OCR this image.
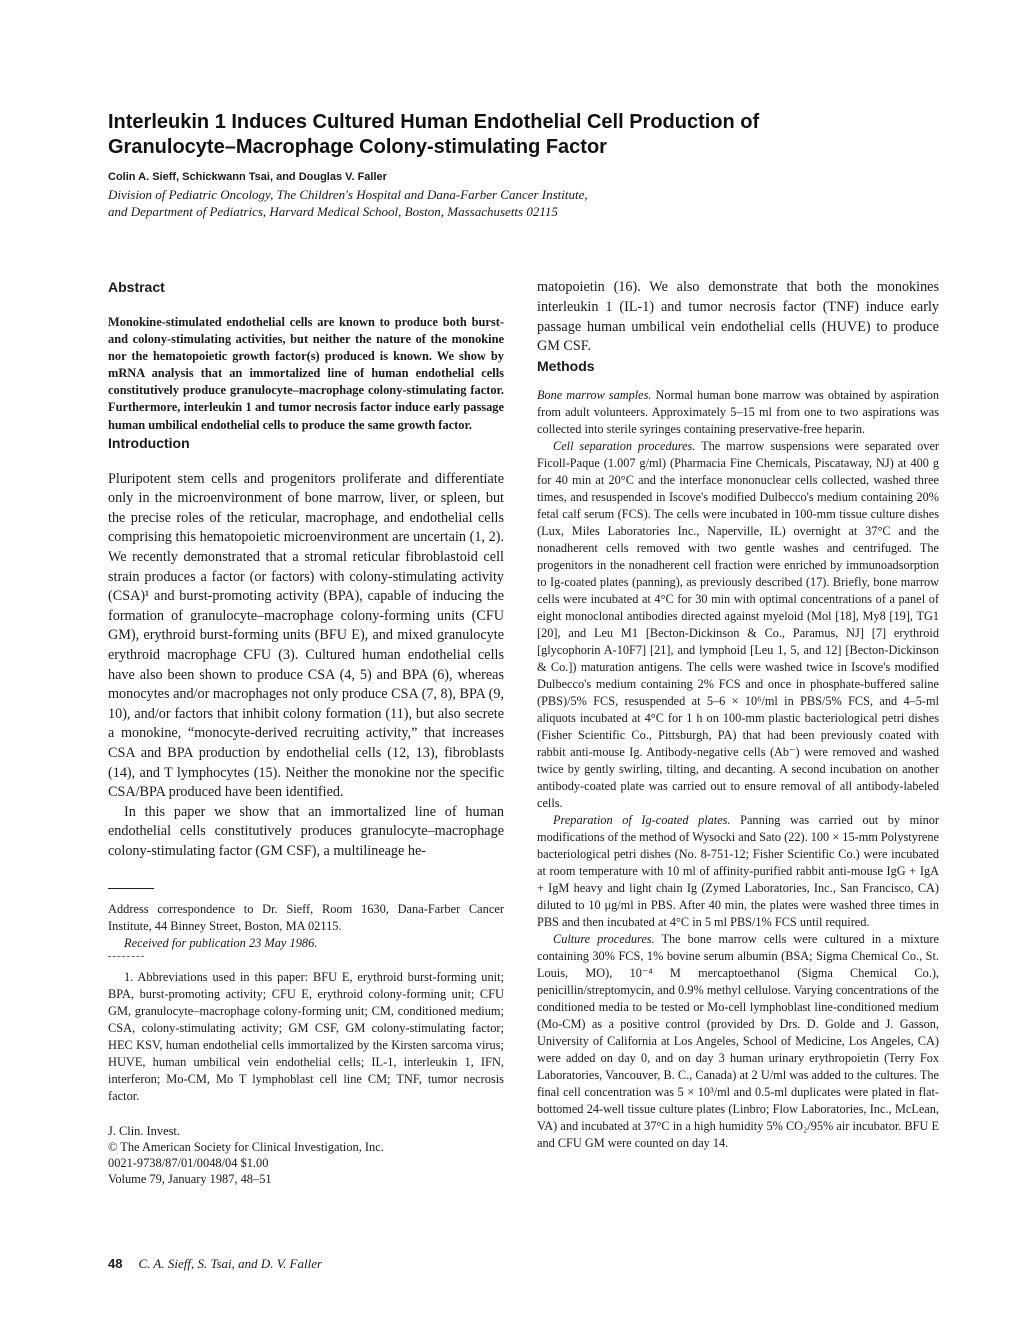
Interleukin 1 Induces Cultured Human Endothelial Cell Production of Granulocyte–Macrophage Colony-stimulating Factor

Colin A. Sieff, Schickwann Tsai, and Douglas V. Faller

Division of Pediatric Oncology, The Children's Hospital and Dana-Farber Cancer Institute,
and Department of Pediatrics, Harvard Medical School, Boston, Massachusetts 02115
Abstract

Monokine-stimulated endothelial cells are known to produce both burst- and colony-stimulating activities, but neither the nature of the monokine nor the hematopoietic growth factor(s) produced is known. We show by mRNA analysis that an immortalized line of human endothelial cells constitutively produce granulocyte–macrophage colony-stimulating factor. Furthermore, interleukin 1 and tumor necrosis factor induce early passage human umbilical endothelial cells to produce the same growth factor.

Introduction

Pluripotent stem cells and progenitors proliferate and differentiate only in the microenvironment of bone marrow, liver, or spleen, but the precise roles of the reticular, macrophage, and endothelial cells comprising this hematopoietic microenvironment are uncertain (1, 2). We recently demonstrated that a stromal reticular fibroblastoid cell strain produces a factor (or factors) with colony-stimulating activity (CSA)¹ and burst-promoting activity (BPA), capable of inducing the formation of granulocyte–macrophage colony-forming units (CFU GM), erythroid burst-forming units (BFU E), and mixed granulocyte erythroid macrophage CFU (3). Cultured human endothelial cells have also been shown to produce CSA (4, 5) and BPA (6), whereas monocytes and/or macrophages not only produce CSA (7, 8), BPA (9, 10), and/or factors that inhibit colony formation (11), but also secrete a monokine, “monocyte-derived recruiting activity,” that increases CSA and BPA production by endothelial cells (12, 13), fibroblasts (14), and T lymphocytes (15). Neither the monokine nor the specific CSA/BPA produced have been identified.

In this paper we show that an immortalized line of human endothelial cells constitutively produces granulocyte–macrophage colony-stimulating factor (GM CSF), a multilineage he-

Address correspondence to Dr. Sieff, Room 1630, Dana-Farber Cancer Institute, 44 Binney Street, Boston, MA 02115.

Received for publication 23 May 1986.

1. Abbreviations used in this paper: BFU E, erythroid burst-forming unit; BPA, burst-promoting activity; CFU E, erythroid colony-forming unit; CFU GM, granulocyte–macrophage colony-forming unit; CM, conditioned medium; CSA, colony-stimulating activity; GM CSF, GM colony-stimulating factor; HEC KSV, human endothelial cells immortalized by the Kirsten sarcoma virus; HUVE, human umbilical vein endothelial cells; IL-1, interleukin 1, IFN, interferon; Mo-CM, Mo T lymphoblast cell line CM; TNF, tumor necrosis factor.

J. Clin. Invest.

© The American Society for Clinical Investigation, Inc.

0021-9738/87/01/0048/04 $1.00

Volume 79, January 1987, 48–51

matopoietin (16). We also demonstrate that both the monokines interleukin 1 (IL-1) and tumor necrosis factor (TNF) induce early passage human umbilical vein endothelial cells (HUVE) to produce GM CSF.

Methods

Bone marrow samples. Normal human bone marrow was obtained by aspiration from adult volunteers. Approximately 5–15 ml from one to two aspirations was collected into sterile syringes containing preservative-free heparin.

Cell separation procedures. The marrow suspensions were separated over Ficoll-Paque (1.007 g/ml) (Pharmacia Fine Chemicals, Piscataway, NJ) at 400 g for 40 min at 20°C and the interface mononuclear cells collected, washed three times, and resuspended in Iscove's modified Dulbecco's medium containing 20% fetal calf serum (FCS). The cells were incubated in 100-mm tissue culture dishes (Lux, Miles Laboratories Inc., Naperville, IL) overnight at 37°C and the nonadherent cells removed with two gentle washes and centrifuged. The progenitors in the nonadherent cell fraction were enriched by immunoadsorption to Ig-coated plates (panning), as previously described (17). Briefly, bone marrow cells were incubated at 4°C for 30 min with optimal concentrations of a panel of eight monoclonal antibodies directed against myeloid (Mol [18], My8 [19], TG1 [20], and Leu M1 [Becton-Dickinson & Co., Paramus, NJ] [7] erythroid [glycophorin A-10F7] [21], and lymphoid [Leu 1, 5, and 12] [Becton-Dickinson & Co.]) maturation antigens. The cells were washed twice in Iscove's modified Dulbecco's medium containing 2% FCS and once in phosphate-buffered saline (PBS)/5% FCS, resuspended at 5–6 × 10⁶/ml in PBS/5% FCS, and 4–5-ml aliquots incubated at 4°C for 1 h on 100-mm plastic bacteriological petri dishes (Fisher Scientific Co., Pittsburgh, PA) that had been previously coated with rabbit anti-mouse Ig. Antibody-negative cells (Ab⁻) were removed and washed twice by gently swirling, tilting, and decanting. A second incubation on another antibody-coated plate was carried out to ensure removal of all antibody-labeled cells.

Preparation of Ig-coated plates. Panning was carried out by minor modifications of the method of Wysocki and Sato (22). 100 × 15-mm Polystyrene bacteriological petri dishes (No. 8-751-12; Fisher Scientific Co.) were incubated at room temperature with 10 ml of affinity-purified rabbit anti-mouse IgG + IgA + IgM heavy and light chain Ig (Zymed Laboratories, Inc., San Francisco, CA) diluted to 10 μg/ml in PBS. After 40 min, the plates were washed three times in PBS and then incubated at 4°C in 5 ml PBS/1% FCS until required.

Culture procedures. The bone marrow cells were cultured in a mixture containing 30% FCS, 1% bovine serum albumin (BSA; Sigma Chemical Co., St. Louis, MO), 10⁻⁴ M mercaptoethanol (Sigma Chemical Co.), penicillin/streptomycin, and 0.9% methyl cellulose. Varying concentrations of the conditioned media to be tested or Mo-cell lymphoblast line-conditioned medium (Mo-CM) as a positive control (provided by Drs. D. Golde and J. Gasson, University of California at Los Angeles, School of Medicine, Los Angeles, CA) were added on day 0, and on day 3 human urinary erythropoietin (Terry Fox Laboratories, Vancouver, B. C., Canada) at 2 U/ml was added to the cultures. The final cell concentration was 5 × 10³/ml and 0.5-ml duplicates were plated in flat-bottomed 24-well tissue culture plates (Linbro; Flow Laboratories, Inc., McLean, VA) and incubated at 37°C in a high humidity 5% CO₂/95% air incubator. BFU E and CFU GM were counted on day 14.

48 C. A. Sieff, S. Tsai, and D. V. Faller
